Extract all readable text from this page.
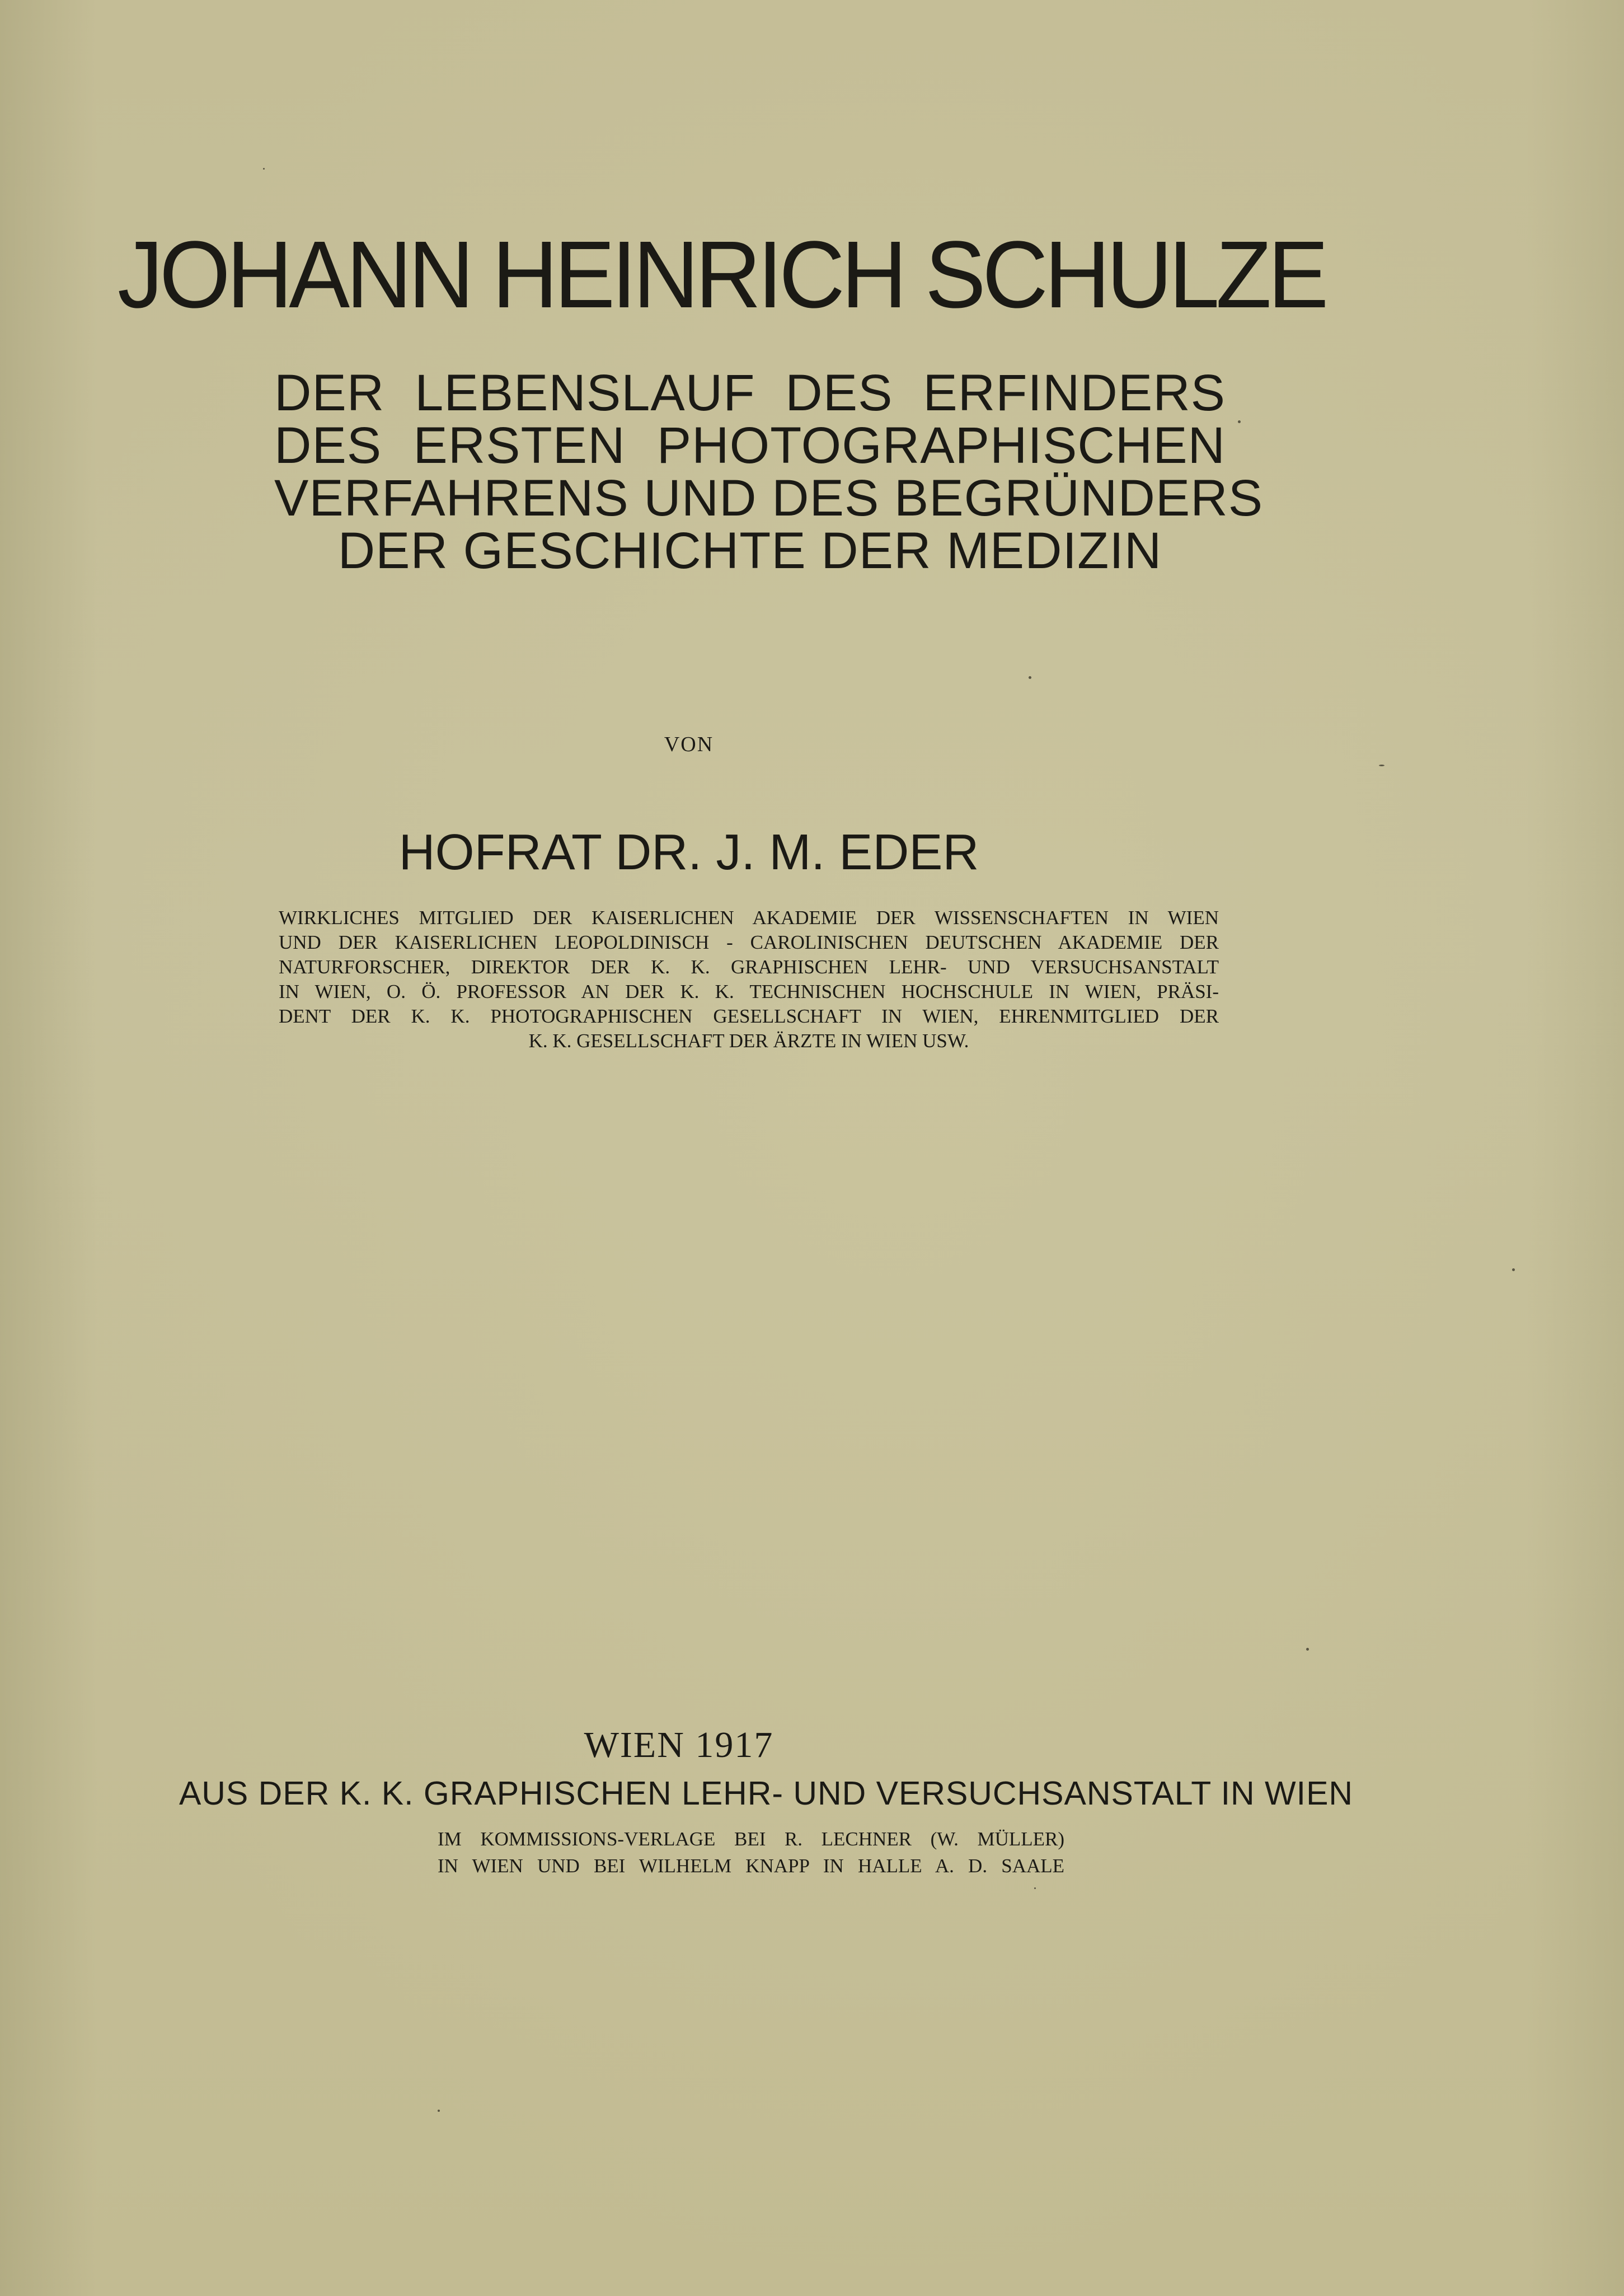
JOHANN HEINRICH SCHULZE
DER LEBENSLAUF DES ERFINDERS
DES ERSTEN PHOTOGRAPHISCHEN
VERFAHRENS UND DES BEGRÜNDERS
DER GESCHICHTE DER MEDIZIN

VON

HOFRAT DR. J. M. EDER

WIRKLICHES MITGLIED DER KAISERLICHEN AKADEMIE DER WISSENSCHAFTEN IN WIEN
UND DER KAISERLICHEN LEOPOLDINISCH - CAROLINISCHEN DEUTSCHEN AKADEMIE DER
NATURFORSCHER, DIREKTOR DER K. K. GRAPHISCHEN LEHR- UND VERSUCHSANSTALT
IN WIEN, O. Ö. PROFESSOR AN DER K. K. TECHNISCHEN HOCHSCHULE IN WIEN, PRÄSI-
DENT DER K. K. PHOTOGRAPHISCHEN GESELLSCHAFT IN WIEN, EHRENMITGLIED DER
K. K. GESELLSCHAFT DER ÄRZTE IN WIEN USW.

WIEN 1917

AUS DER K. K. GRAPHISCHEN LEHR- UND VERSUCHSANSTALT IN WIEN

IM KOMMISSIONS-VERLAGE BEI R. LECHNER (W. MÜLLER)
IN WIEN UND BEI WILHELM KNAPP IN HALLE A. D. SAALE
